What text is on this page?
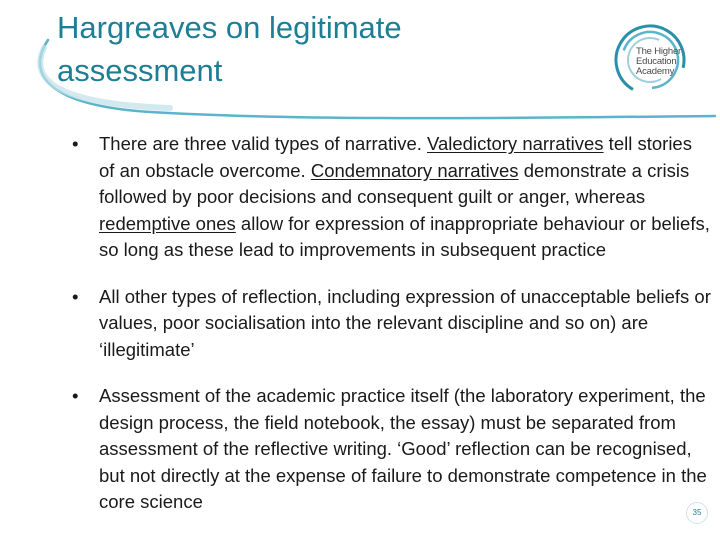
Hargreaves on legitimate assessment
The Higher
Education
Academy
• There are three valid types of narrative. Valedictory narratives tell stories of an obstacle overcome. Condemnatory narratives demonstrate a crisis followed by poor decisions and consequent guilt or anger, whereas redemptive ones allow for expression of inappropriate behaviour or beliefs, so long as these lead to improvements in subsequent practice
• All other types of reflection, including expression of unacceptable beliefs or values, poor socialisation into the relevant discipline and so on) are ‘illegitimate’
• Assessment of the academic practice itself (the laboratory experiment, the design process, the field notebook, the essay) must be separated from assessment of the reflective writing. ‘Good’ reflection can be recognised, but not directly at the expense of failure to demonstrate competence in the core science
35
